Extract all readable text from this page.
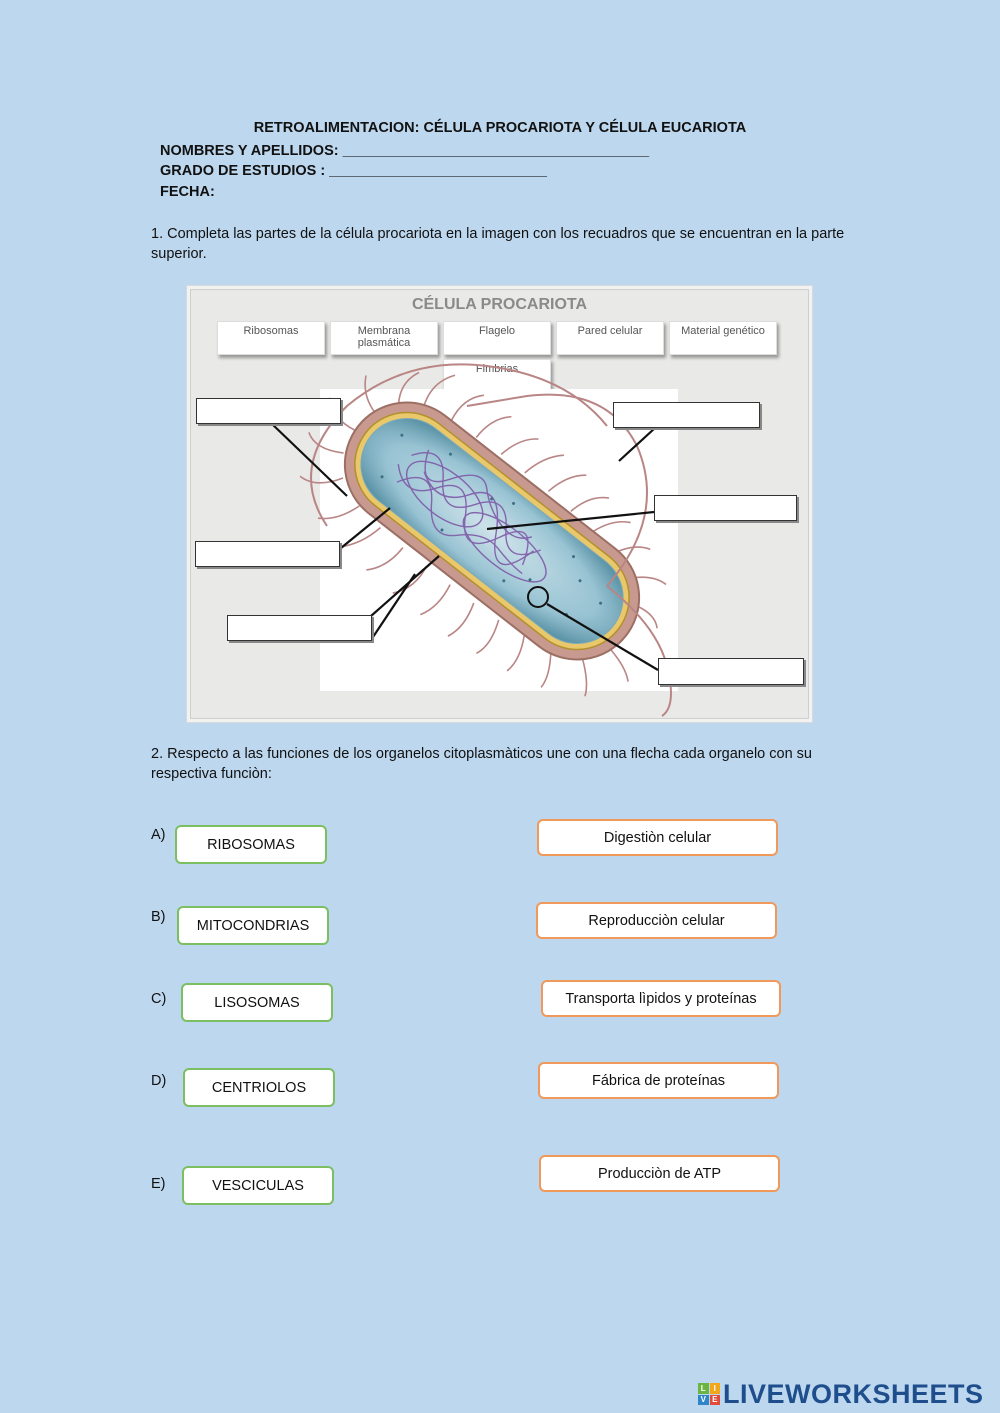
RETROALIMENTACION: CÉLULA PROCARIOTA Y CÉLULA EUCARIOTA
NOMBRES Y APELLIDOS: ______________________________________
GRADO DE ESTUDIOS : ___________________________
FECHA:
1. Completa las partes de la célula procariota en la imagen con los recuadros que se encuentran en la parte superior.
CÉLULA PROCARIOTA
Ribosomas	Membrana plasmática
Flagelo	Pared celular	Material genético
Fimbrias
2. Respecto a las funciones de los organelos citoplasmàticos une con una flecha cada organelo con su respectiva funciòn:
A)
RIBOSOMAS
B)
MITOCONDRIAS
C)	LISOSOMAS
D)	CENTRIOLOS
E)	VESCICULAS
Digestiòn celular
Reproducciòn celular
Transporta lìpidos y proteínas
Fábrica de proteínas
Producciòn de ATP
L I
V E LIVEWORKSHEETS
